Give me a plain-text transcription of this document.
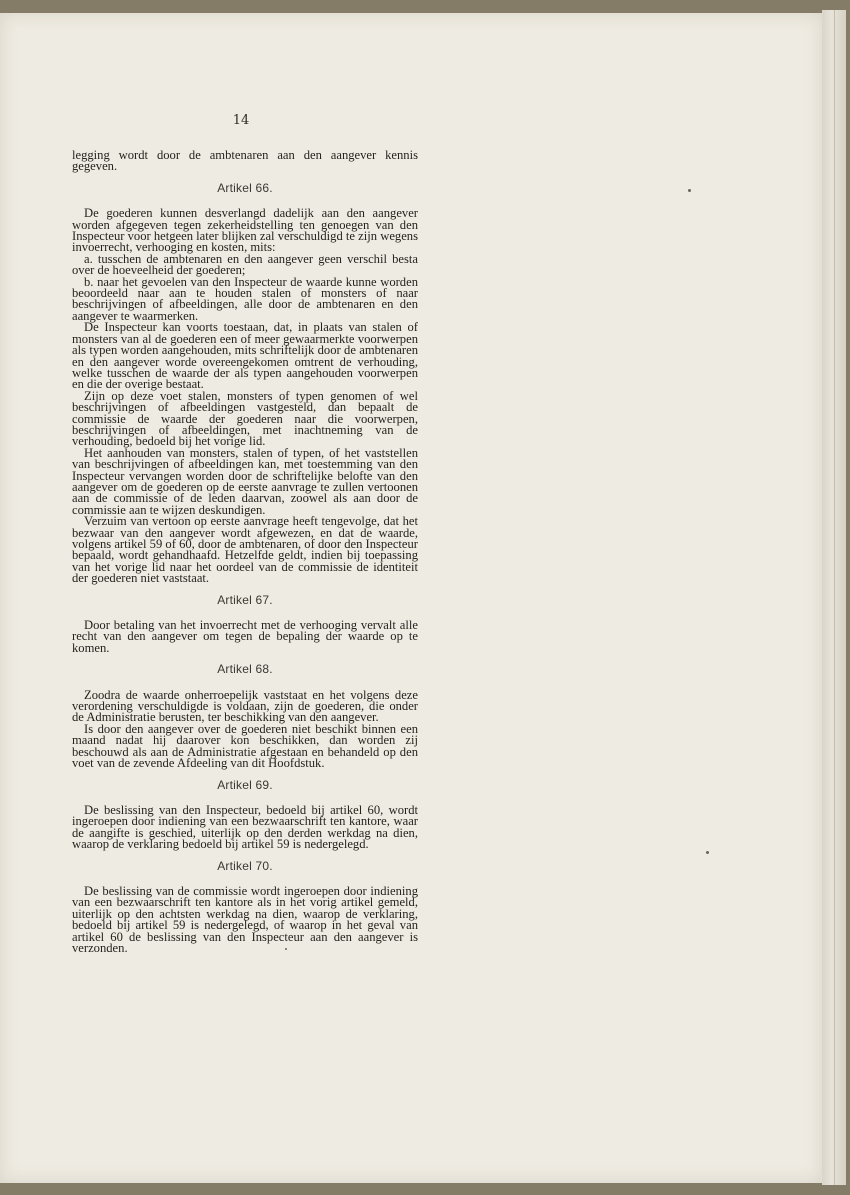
14

legging wordt door de ambtenaren aan den aangever kennis gegeven.

Artikel 66.

De goederen kunnen desverlangd dadelijk aan den aangever worden afgegeven tegen zekerheidstelling ten genoegen van den Inspecteur voor hetgeen later blijken zal verschuldigd te zijn wegens invoerrecht, verhooging en kosten, mits:

a. tusschen de ambtenaren en den aangever geen verschil besta over de hoeveelheid der goederen;

b. naar het gevoelen van den Inspecteur de waarde kunne worden beoordeeld naar aan te houden stalen of monsters of naar beschrijvingen of afbeeldingen, alle door de ambtenaren en den aangever te waarmerken.

De Inspecteur kan voorts toestaan, dat, in plaats van stalen of monsters van al de goederen een of meer gewaarmerkte voorwerpen als typen worden aangehouden, mits schriftelijk door de ambtenaren en den aangever worde overeengekomen omtrent de verhouding, welke tusschen de waarde der als typen aangehouden voorwerpen en die der overige bestaat.

Zijn op deze voet stalen, monsters of typen genomen of wel beschrijvingen of afbeeldingen vastgesteld, dan bepaalt de commissie de waarde der goederen naar die voorwerpen, beschrijvingen of afbeeldingen, met inachtneming van de verhouding, bedoeld bij het vorige lid.

Het aanhouden van monsters, stalen of typen, of het vaststellen van beschrijvingen of afbeeldingen kan, met toestemming van den Inspecteur vervangen worden door de schriftelijke belofte van den aangever om de goederen op de eerste aanvrage te zullen vertoonen aan de commissie of de leden daarvan, zoowel als aan door de commissie aan te wijzen deskundigen.

Verzuim van vertoon op eerste aanvrage heeft tengevolge, dat het bezwaar van den aangever wordt afgewezen, en dat de waarde, volgens artikel 59 of 60, door de ambtenaren, of door den Inspecteur bepaald, wordt gehandhaafd. Hetzelfde geldt, indien bij toepassing van het vorige lid naar het oordeel van de commissie de identiteit der goederen niet vaststaat.

Artikel 67.

Door betaling van het invoerrecht met de verhooging vervalt alle recht van den aangever om tegen de bepaling der waarde op te komen.

Artikel 68.

Zoodra de waarde onherroepelijk vaststaat en het volgens deze verordening verschuldigde is voldaan, zijn de goederen, die onder de Administratie berusten, ter beschikking van den aangever.

Is door den aangever over de goederen niet beschikt binnen een maand nadat hij daarover kon beschikken, dan worden zij beschouwd als aan de Administratie afgestaan en behandeld op den voet van de zevende Afdeeling van dit Hoofdstuk.

Artikel 69.

De beslissing van den Inspecteur, bedoeld bij artikel 60, wordt ingeroepen door indiening van een bezwaarschrift ten kantore, waar de aangifte is geschied, uiterlijk op den derden werkdag na dien, waarop de verklaring bedoeld bij artikel 59 is nedergelegd.

Artikel 70.

De beslissing van de commissie wordt ingeroepen door indiening van een bezwaarschrift ten kantore als in het vorig artikel gemeld, uiterlijk op den achtsten werkdag na dien, waarop de verklaring, bedoeld bij artikel 59 is nedergelegd, of waarop in het geval van artikel 60 de beslissing van den Inspecteur aan den aangever is verzonden.
